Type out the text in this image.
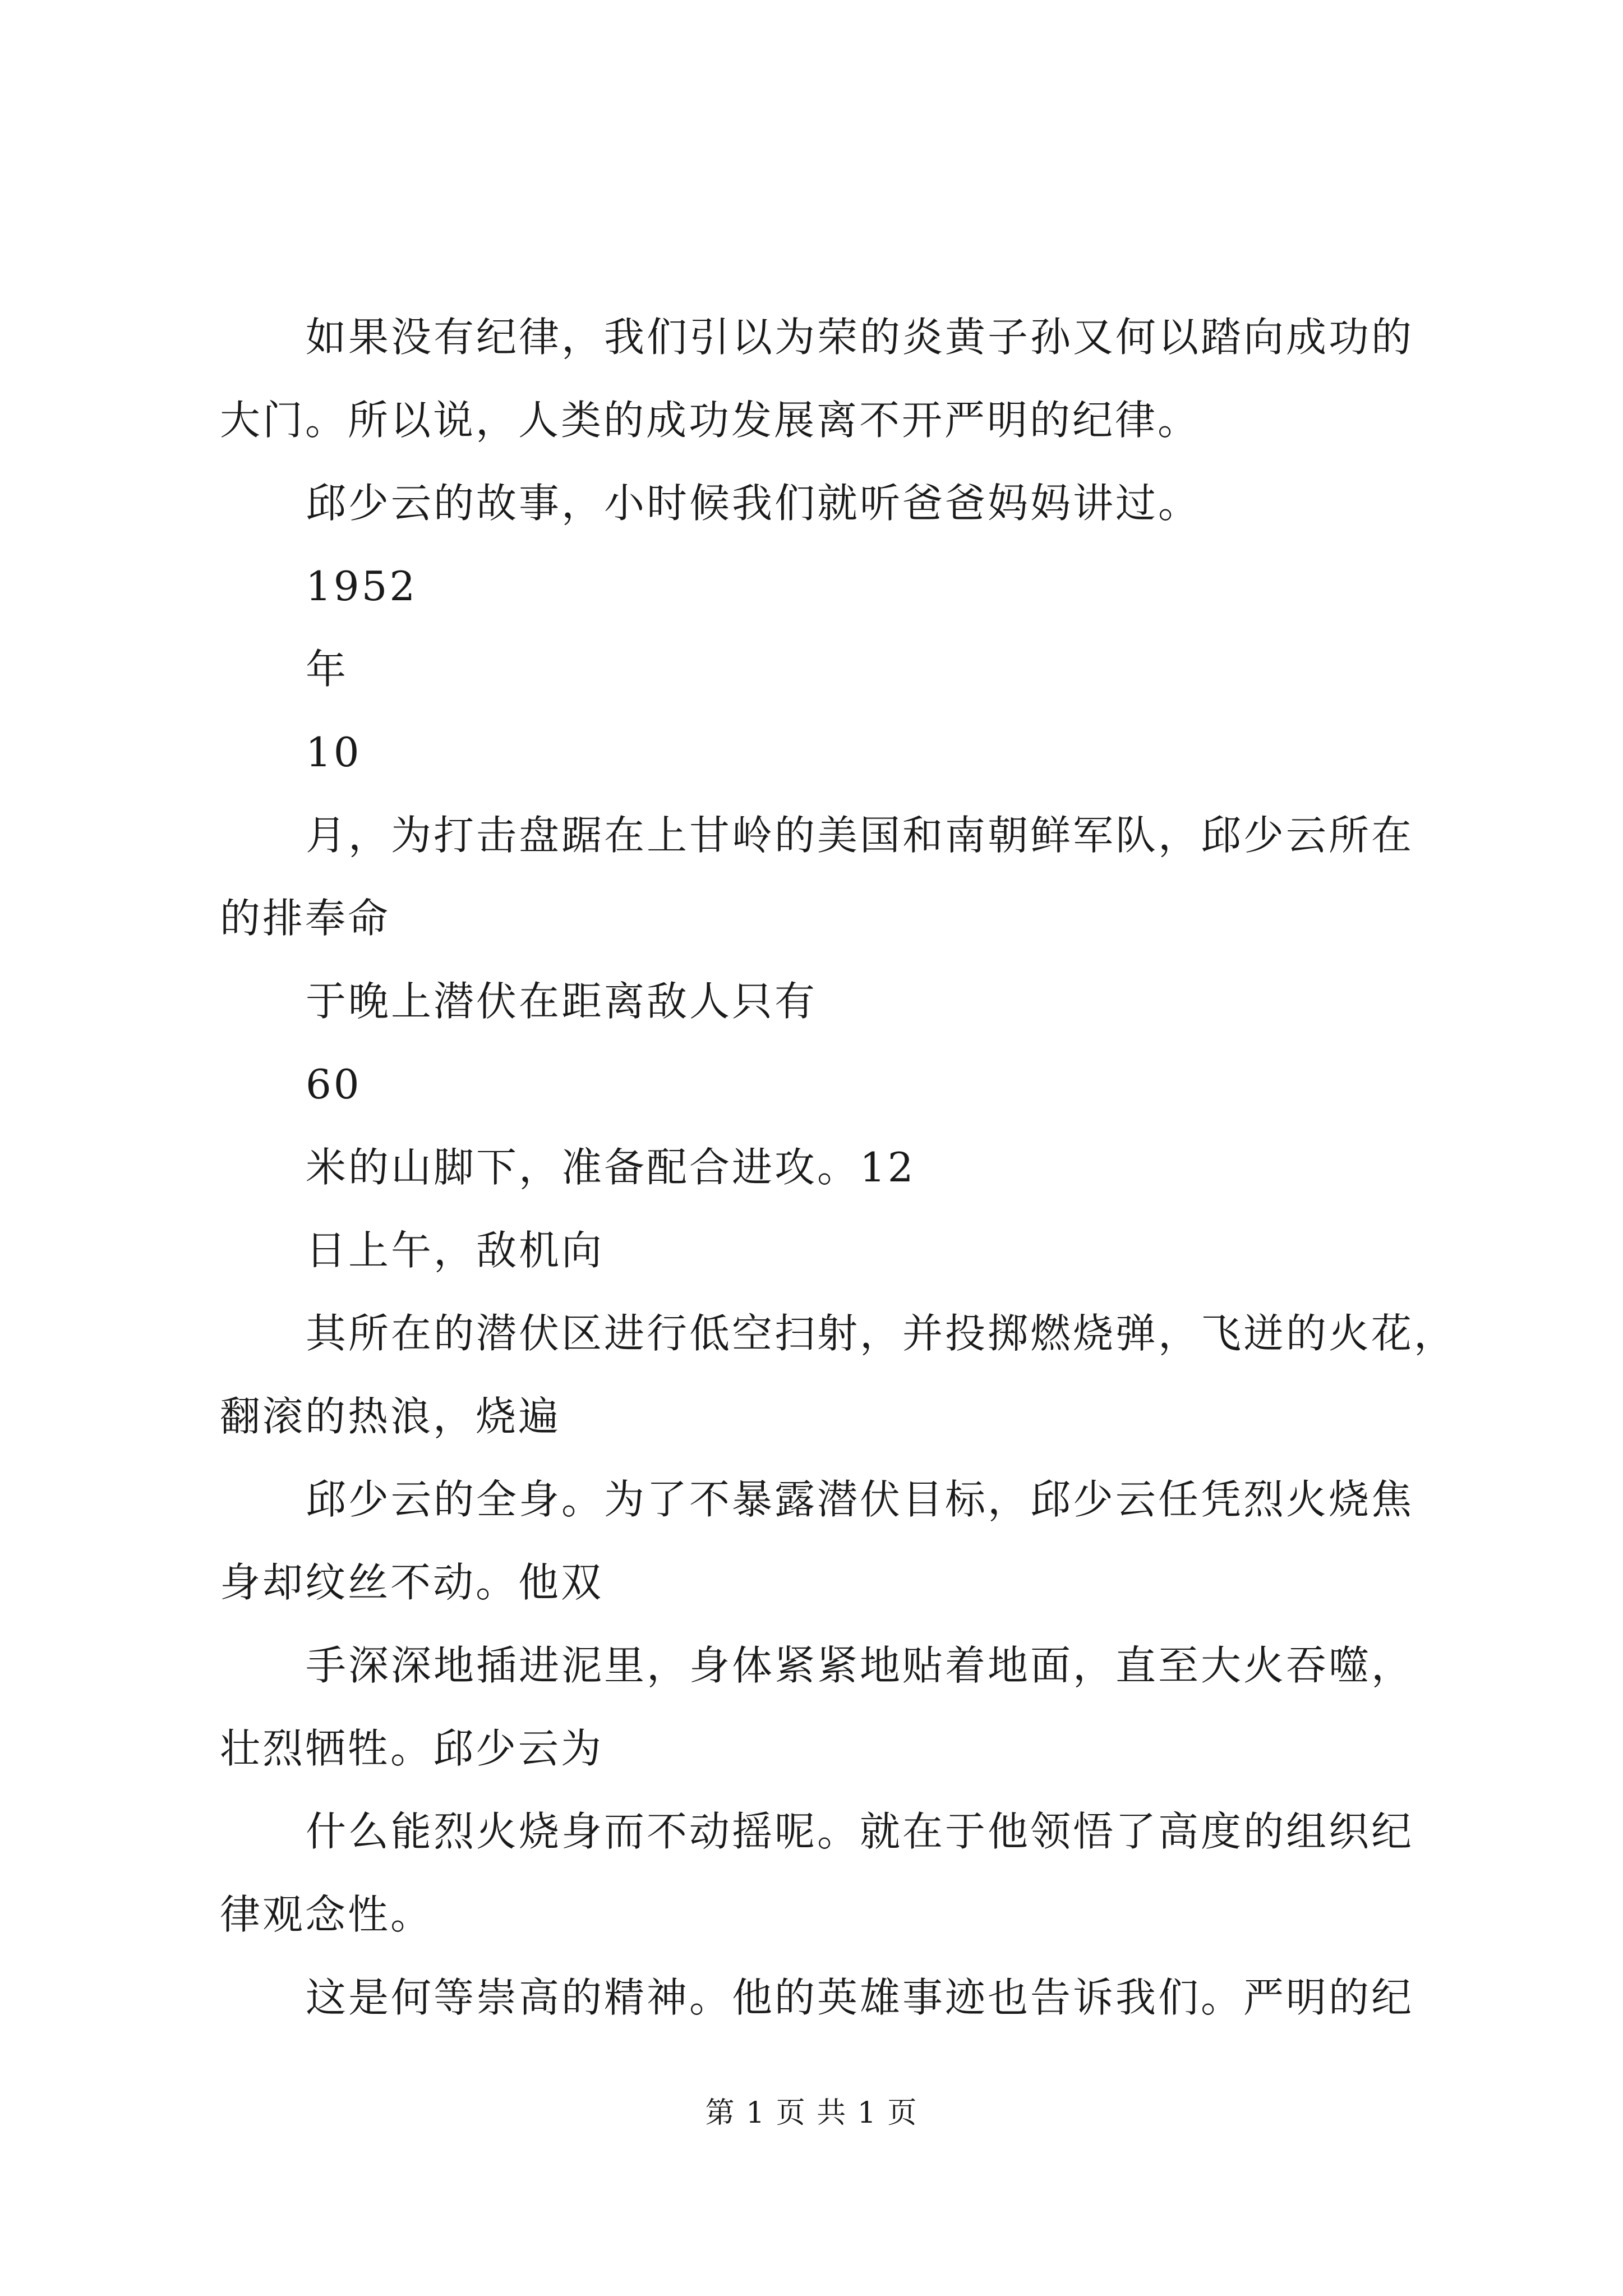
如果没有纪律，我们引以为荣的炎黄子孙又何以踏向成功的
大门。所以说，人类的成功发展离不开严明的纪律。
邱少云的故事，小时候我们就听爸爸妈妈讲过。
1952
年
10
月，为打击盘踞在上甘岭的美国和南朝鲜军队，邱少云所在
的排奉命
于晚上潜伏在距离敌人只有
60
米的山脚下，准备配合进攻。12
日上午，敌机向
其所在的潜伏区进行低空扫射，并投掷燃烧弹，飞迸的火花，
翻滚的热浪，烧遍
邱少云的全身。为了不暴露潜伏目标，邱少云任凭烈火烧焦
身却纹丝不动。他双
手深深地插进泥里，身体紧紧地贴着地面，直至大火吞噬，
壮烈牺牲。邱少云为
什么能烈火烧身而不动摇呢。就在于他领悟了高度的组织纪
律观念性。
这是何等崇高的精神。他的英雄事迹也告诉我们。严明的纪
第 1 页 共 1 页
